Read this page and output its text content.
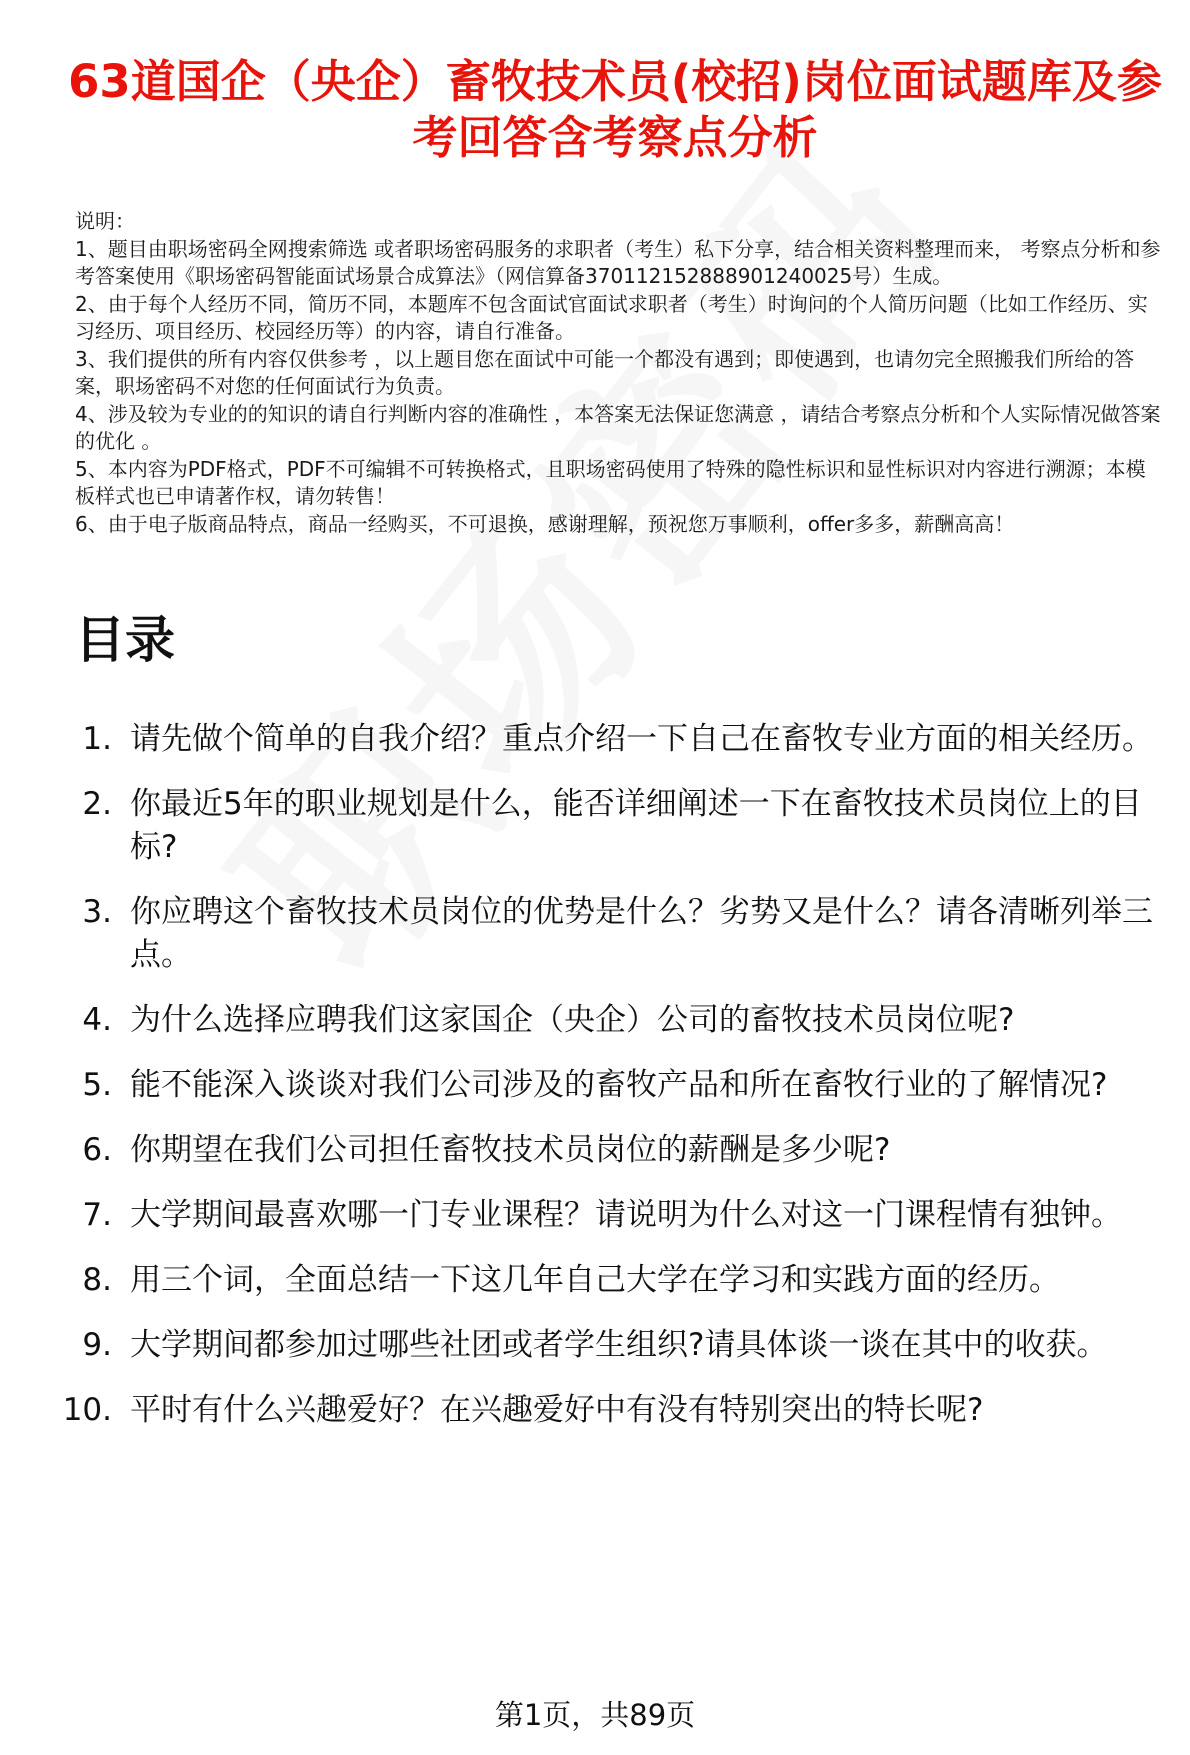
63道国企（央企）畜牧技术员(校招)岗位面试题库及参考回答含考察点分析

说明：

1、题目由职场密码全网搜索筛选 或者职场密码服务的求职者（考生）私下分享，结合相关资料整理而来， 考察点分析和参考答案使用《职场密码智能面试场景合成算法》（网信算备370112152888901240025号）生成。

2、由于每个人经历不同，简历不同，本题库不包含面试官面试求职者（考生）时询问的个人简历问题（比如工作经历、实习经历、项目经历、校园经历等）的内容，请自行准备。

3、我们提供的所有内容仅供参考 ，以上题目您在面试中可能一个都没有遇到；即使遇到，也请勿完全照搬我们所给的答案，职场密码不对您的任何面试行为负责。

4、涉及较为专业的的知识的请自行判断内容的准确性 ，本答案无法保证您满意 ，请结合考察点分析和个人实际情况做答案的优化 。

5、本内容为PDF格式，PDF不可编辑不可转换格式，且职场密码使用了特殊的隐性标识和显性标识对内容进行溯源；本模板样式也已申请著作权，请勿转售！

6、由于电子版商品特点，商品一经购买，不可退换，感谢理解，预祝您万事顺利，offer多多，薪酬高高！

目录
1. 请先做个简单的自我介绍？重点介绍一下自己在畜牧专业方面的相关经历。
2. 你最近5年的职业规划是什么，能否详细阐述一下在畜牧技术员岗位上的目标?
3. 你应聘这个畜牧技术员岗位的优势是什么？劣势又是什么？请各清晰列举三点。
4. 为什么选择应聘我们这家国企（央企）公司的畜牧技术员岗位呢?
5. 能不能深入谈谈对我们公司涉及的畜牧产品和所在畜牧行业的了解情况?
6. 你期望在我们公司担任畜牧技术员岗位的薪酬是多少呢?
7. 大学期间最喜欢哪一门专业课程？请说明为什么对这一门课程情有独钟。
8. 用三个词，全面总结一下这几年自己大学在学习和实践方面的经历。
9. 大学期间都参加过哪些社团或者学生组织?请具体谈一谈在其中的收获。
10. 平时有什么兴趣爱好？在兴趣爱好中有没有特别突出的特长呢?
第1页，共89页
